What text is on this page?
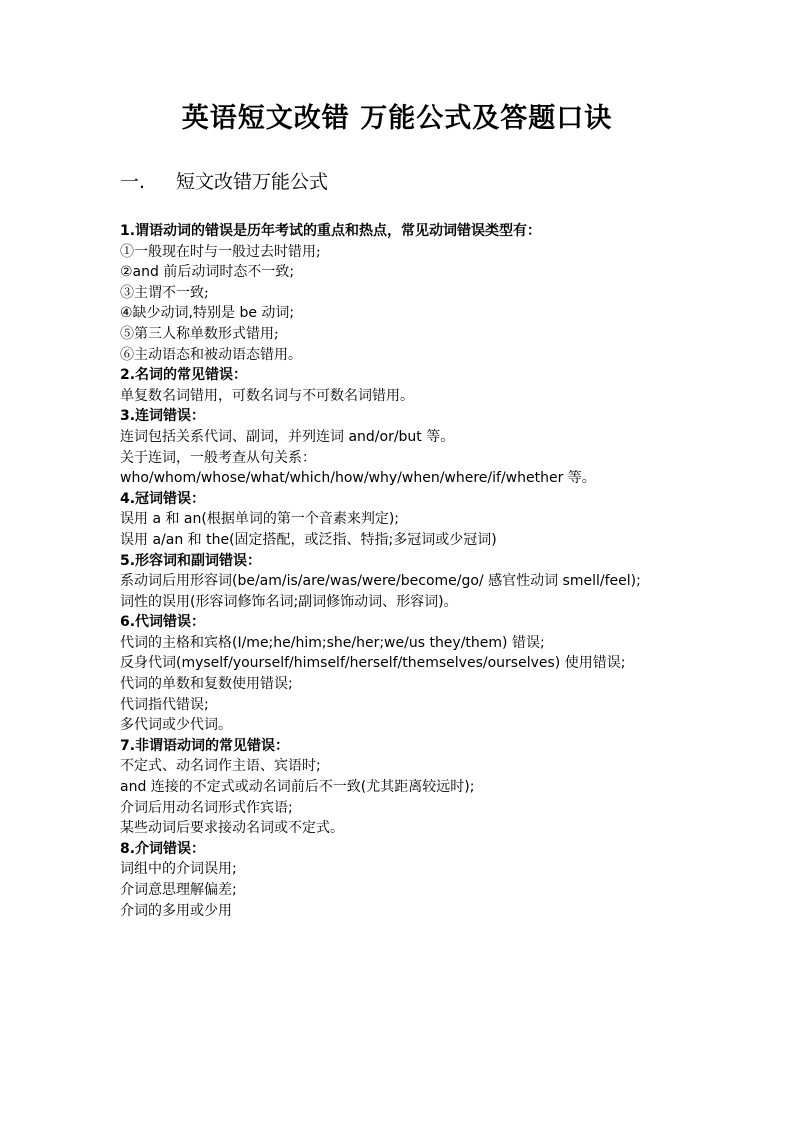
英语短文改错 万能公式及答题口诀
一. 短文改错万能公式
1.谓语动词的错误是历年考试的重点和热点，常见动词错误类型有：
①一般现在时与一般过去时错用;
②and 前后动词时态不一致;
③主谓不一致;
④缺少动词,特别是 be 动词;
⑤第三人称单数形式错用;
⑥主动语态和被动语态错用。
2.名词的常见错误：
单复数名词错用，可数名词与不可数名词错用。
3.连词错误：
连词包括关系代词、副词，并列连词 and/or/but 等。
关于连词，一般考查从句关系：
who/whom/whose/what/which/how/why/when/where/if/whether 等。
4.冠词错误：
误用 a 和 an(根据单词的第一个音素来判定);
误用 a/an 和 the(固定搭配，或泛指、特指;多冠词或少冠词)
5.形容词和副词错误：
系动词后用形容词(be/am/is/are/was/were/become/go/ 感官性动词 smell/feel);
词性的误用(形容词修饰名词;副词修饰动词、形容词)。
6.代词错误：
代词的主格和宾格(I/me;he/him;she/her;we/us they/them) 错误;
反身代词(myself/yourself/himself/herself/themselves/ourselves) 使用错误;
代词的单数和复数使用错误;
代词指代错误;
多代词或少代词。
7.非谓语动词的常见错误：
不定式、动名词作主语、宾语时;
and 连接的不定式或动名词前后不一致(尤其距离较远时);
介词后用动名词形式作宾语;
某些动词后要求接动名词或不定式。
8.介词错误：
词组中的介词误用;
介词意思理解偏差;
介词的多用或少用
